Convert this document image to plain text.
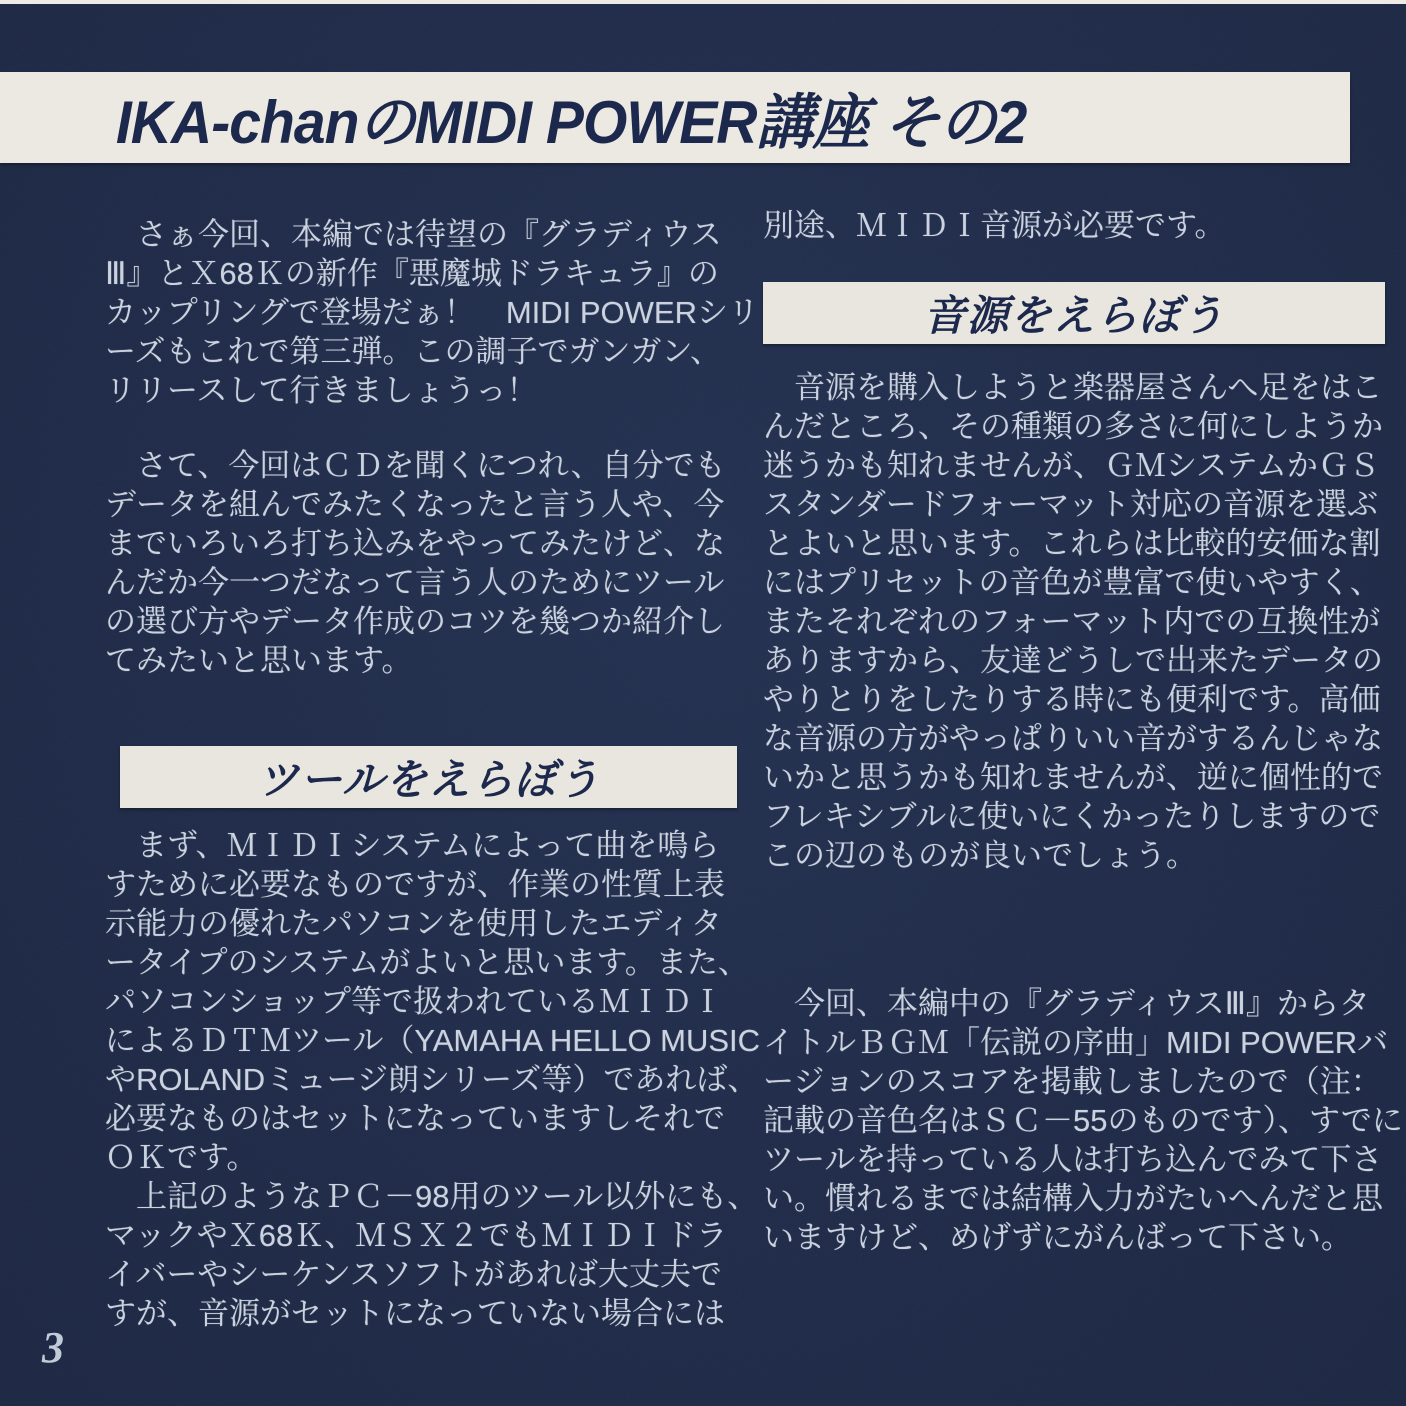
IKA-chanのMIDI POWER講座 その2
　さぁ今回、本編では待望の『グラディウス
Ⅲ』とＸ68Ｋの新作『悪魔城ドラキュラ』の
カップリングで登場だぁ！　MIDI POWERシリ
ーズもこれで第三弾。この調子でガンガン、
リリースして行きましょうっ！
　さて、今回はＣＤを聞くにつれ、自分でも
データを組んでみたくなったと言う人や、今
までいろいろ打ち込みをやってみたけど、な
んだか今一つだなって言う人のためにツール
の選び方やデータ作成のコツを幾つか紹介し
てみたいと思います。
ツールをえらぼう
　まず、ＭＩＤＩシステムによって曲を鳴ら
すために必要なものですが、作業の性質上表
示能力の優れたパソコンを使用したエディタ
ータイプのシステムがよいと思います。また、
パソコンショップ等で扱われているＭＩＤＩ
によるＤＴＭツール（YAMAHA HELLO MUSIC
やROLANDミュージ朗シリーズ等）であれば、
必要なものはセットになっていますしそれで
ＯＫです。
　上記のようなＰＣ－98用のツール以外にも、
マックやＸ68Ｋ、ＭＳＸ２でもＭＩＤＩドラ
イバーやシーケンスソフトがあれば大丈夫で
すが、音源がセットになっていない場合には
別途、ＭＩＤＩ音源が必要です。
音源をえらぼう
　音源を購入しようと楽器屋さんへ足をはこ
んだところ、その種類の多さに何にしようか
迷うかも知れませんが、ＧＭシステムかＧＳ
スタンダードフォーマット対応の音源を選ぶ
とよいと思います。これらは比較的安価な割
にはプリセットの音色が豊富で使いやすく、
またそれぞれのフォーマット内での互換性が
ありますから、友達どうしで出来たデータの
やりとりをしたりする時にも便利です。高価
な音源の方がやっぱりいい音がするんじゃな
いかと思うかも知れませんが、逆に個性的で
フレキシブルに使いにくかったりしますので
この辺のものが良いでしょう。
　今回、本編中の『グラディウスⅢ』からタ
イトルＢＧＭ「伝説の序曲」MIDI POWERバ
ージョンのスコアを掲載しましたので（注：
記載の音色名はＳＣ－55のものです）、すでに
ツールを持っている人は打ち込んでみて下さ
い。慣れるまでは結構入力がたいへんだと思
いますけど、めげずにがんばって下さい。
3
